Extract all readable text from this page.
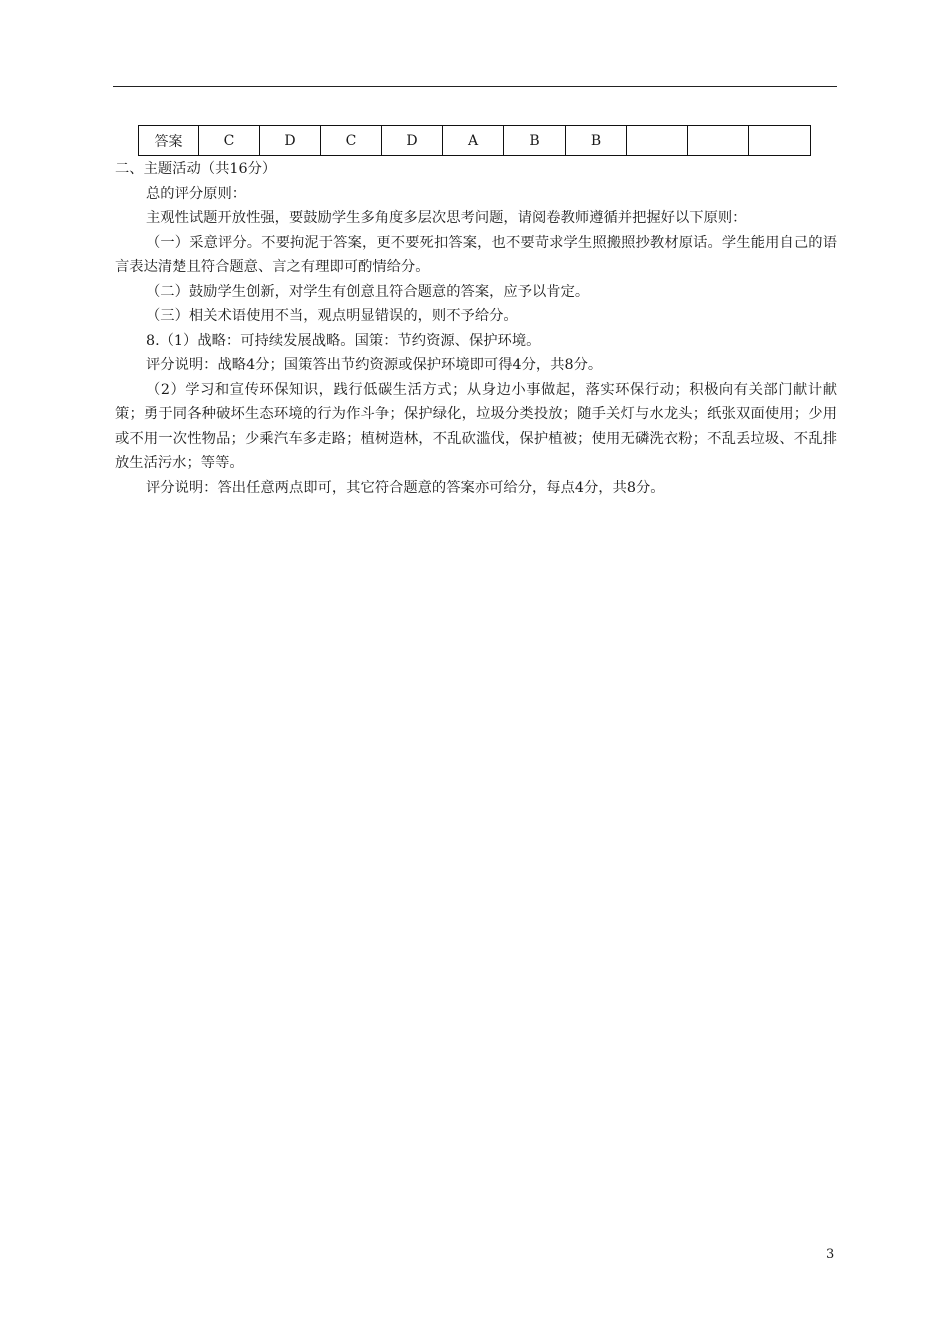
答案	C	D	C	D	A	B	B			

二、主题活动（共16分）

总的评分原则：

主观性试题开放性强，要鼓励学生多角度多层次思考问题，请阅卷教师遵循并把握好以下原则：

（一）采意评分。不要拘泥于答案，更不要死扣答案，也不要苛求学生照搬照抄教材原话。学生能用自己的语言表达清楚且符合题意、言之有理即可酌情给分。

（二）鼓励学生创新，对学生有创意且符合题意的答案，应予以肯定。

（三）相关术语使用不当，观点明显错误的，则不予给分。

8.（1）战略：可持续发展战略。国策：节约资源、保护环境。

评分说明：战略4分；国策答出节约资源或保护环境即可得4分，共8分。

（2）学习和宣传环保知识，践行低碳生活方式；从身边小事做起，落实环保行动；积极向有关部门献计献策；勇于同各种破坏生态环境的行为作斗争；保护绿化，垃圾分类投放；随手关灯与水龙头；纸张双面使用；少用或不用一次性物品；少乘汽车多走路；植树造林，不乱砍滥伐，保护植被；使用无磷洗衣粉；不乱丢垃圾、不乱排放生活污水；等等。

评分说明：答出任意两点即可，其它符合题意的答案亦可给分，每点4分，共8分。

3
